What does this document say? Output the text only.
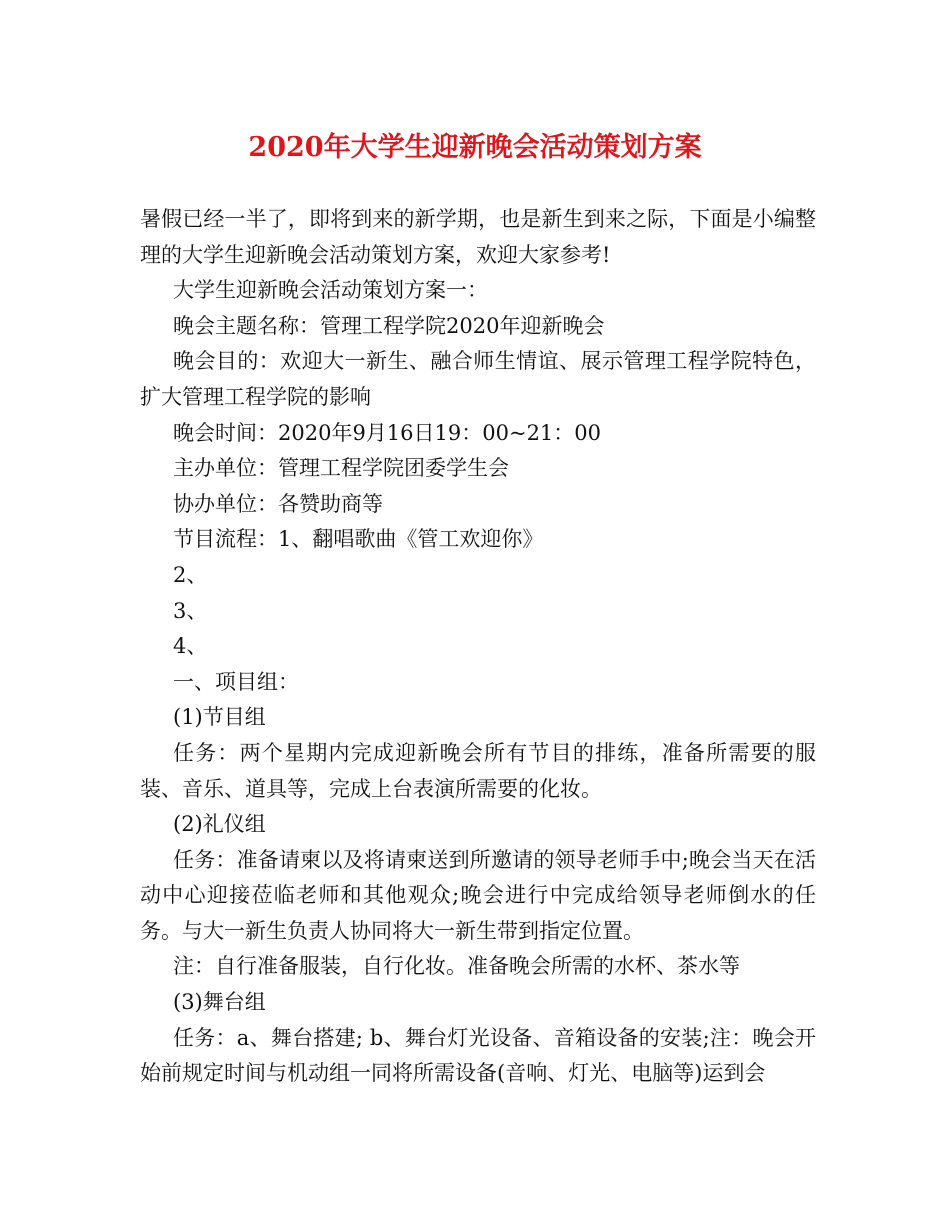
2020年大学生迎新晚会活动策划方案

暑假已经一半了，即将到来的新学期，也是新生到来之际，下面是小编整理的大学生迎新晚会活动策划方案，欢迎大家参考!

大学生迎新晚会活动策划方案一：

晚会主题名称：管理工程学院2020年迎新晚会

晚会目的：欢迎大一新生、融合师生情谊、展示管理工程学院特色，扩大管理工程学院的影响

晚会时间：2020年9月16日19：00~21：00

主办单位：管理工程学院团委学生会

协办单位：各赞助商等

节目流程：1、翻唱歌曲《管工欢迎你》

2、

3、

4、

一、项目组：

(1)节目组

任务：两个星期内完成迎新晚会所有节目的排练，准备所需要的服装、音乐、道具等，完成上台表演所需要的化妆。

(2)礼仪组

任务：准备请柬以及将请柬送到所邀请的领导老师手中;晚会当天在活动中心迎接莅临老师和其他观众;晚会进行中完成给领导老师倒水的任务。与大一新生负责人协同将大一新生带到指定位置。

注：自行准备服装，自行化妆。准备晚会所需的水杯、茶水等

(3)舞台组

任务：a、舞台搭建; b、舞台灯光设备、音箱设备的安装;注：晚会开始前规定时间与机动组一同将所需设备(音响、灯光、电脑等)运到会
